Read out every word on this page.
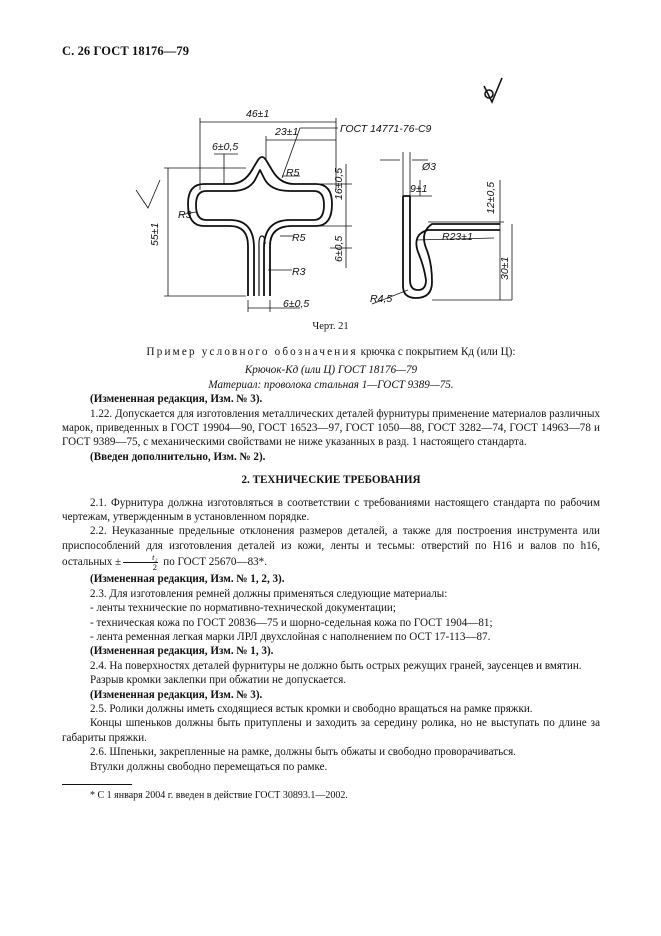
С. 26 ГОСТ 18176—79
46±1
23±1
6±0,5
ГОСТ 14771-76-С9
R5
R3
R5
R3
6±0,5
Ø3
9±1
R23±1
R4,5
16±0,5
6±0,5
55±1
12±0,5
30±1
Черт. 21

Пример условного обозначения крючка с покрытием Кд (или Ц):

Крючок-Кд (или Ц) ГОСТ 18176—79

Материал: проволока стальная 1—ГОСТ 9389—75.

(Измененная редакция, Изм. № 3).

1.22. Допускается для изготовления металлических деталей фурнитуры применение материалов различных марок, приведенных в ГОСТ 19904—90, ГОСТ 16523—97, ГОСТ 1050—88, ГОСТ 3282—74, ГОСТ 14963—78 и ГОСТ 9389—75, с механическими свойствами не ниже указанных в разд. 1 настоящего стандарта.

(Введен дополнительно, Изм. № 2).

2. ТЕХНИЧЕСКИЕ ТРЕБОВАНИЯ

2.1. Фурнитура должна изготовляться в соответствии с требованиями настоящего стандарта по рабочим чертежам, утвержденным в установленном порядке.

2.2. Неуказанные предельные отклонения размеров деталей, а также для построения инструмента или приспособлений для изготовления деталей из кожи, ленты и тесьмы: отверстий по Н16 и валов по h16, остальных ± $\frac{\text{t₂}}{2}$ по ГОСТ 25670—83*.

(Измененная редакция, Изм. № 1, 2, 3).

2.3. Для изготовления ремней должны применяться следующие материалы:

- ленты технические по нормативно-технической документации;

- техническая кожа по ГОСТ 20836—75 и шорно-седельная кожа по ГОСТ 1904—81;

- лента ременная легкая марки ЛРЛ двухслойная с наполнением по ОСТ 17-113—87.

(Измененная редакция, Изм. № 1, 3).

2.4. На поверхностях деталей фурнитуры не должно быть острых режущих граней, заусенцев и вмятин.

Разрыв кромки заклепки при обжатии не допускается.

(Измененная редакция, Изм. № 3).

2.5. Ролики должны иметь сходящиеся встык кромки и свободно вращаться на рамке пряжки.

Концы шпеньков должны быть притуплены и заходить за середину ролика, но не выступать по длине за габариты пряжки.

2.6. Шпеньки, закрепленные на рамке, должны быть обжаты и свободно проворачиваться.

Втулки должны свободно перемещаться по рамке.

* С 1 января 2004 г. введен в действие ГОСТ 30893.1—2002.
